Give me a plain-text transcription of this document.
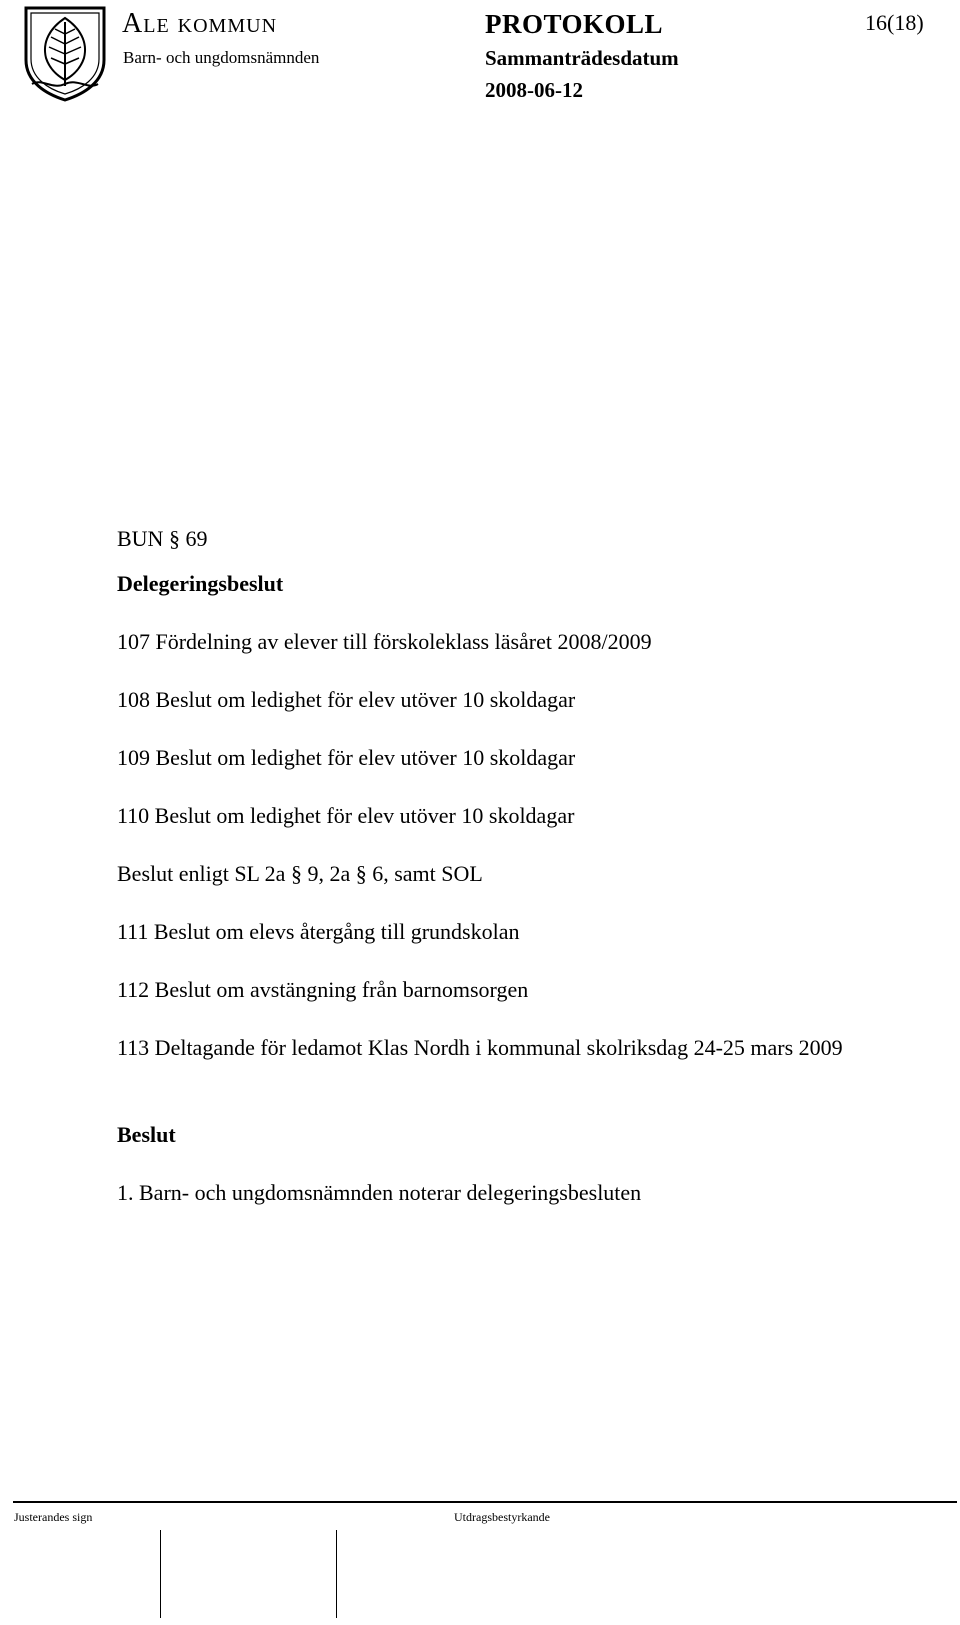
Ale kommun
Barn- och ungdomsnämnden
PROTOKOLL
Sammanträdesdatum
2008-06-12
16(18)
BUN § 69
Delegeringsbeslut
107 Fördelning av elever till förskoleklass läsåret 2008/2009
108 Beslut om ledighet för elev utöver 10 skoldagar
109 Beslut om ledighet för elev utöver 10 skoldagar
110 Beslut om ledighet för elev utöver 10 skoldagar
Beslut enligt SL 2a § 9, 2a § 6, samt SOL
111 Beslut om elevs återgång till grundskolan
112 Beslut om avstängning från barnomsorgen
113 Deltagande för ledamot Klas Nordh i kommunal skolriksdag 24-25 mars 2009
Beslut
1. Barn- och ungdomsnämnden noterar delegeringsbesluten
Justerandes sign	Utdragsbestyrkande
